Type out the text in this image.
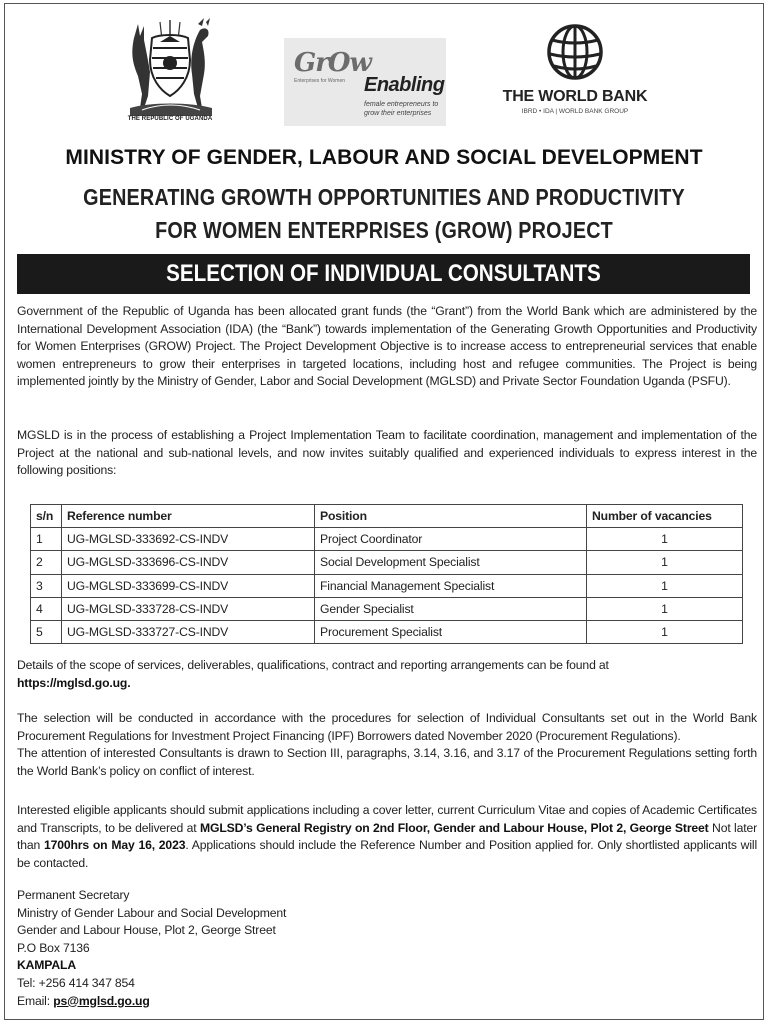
THE REPUBLIC OF UGANDA
GrOw
Enterprises for Women Enabling
female entrepreneurs to grow their enterprises
THE WORLD BANK
IBRD • IDA | WORLD BANK GROUP
MINISTRY OF GENDER, LABOUR AND SOCIAL DEVELOPMENT
GENERATING GROWTH OPPORTUNITIES AND PRODUCTIVITY
FOR WOMEN ENTERPRISES (GROW) PROJECT
SELECTION OF INDIVIDUAL CONSULTANTS

Government of the Republic of Uganda has been allocated grant funds (the “Grant”) from the World Bank which are administered by the International Development Association (IDA) (the “Bank”) towards implementation of the Generating Growth Opportunities and Productivity for Women Enterprises (GROW) Project. The Project Development Objective is to increase access to entrepreneurial services that enable women entrepreneurs to grow their enterprises in targeted locations, including host and refugee communities. The Project is being implemented jointly by the Ministry of Gender, Labor and Social Development (MGLSD) and Private Sector Foundation Uganda (PSFU).

MGSLD is in the process of establishing a Project Implementation Team to facilitate coordination, management and implementation of the Project at the national and sub-national levels, and now invites suitably qualified and experienced individuals to express interest in the following positions:

s/n	Reference number	Position	Number of vacancies
1	UG-MGLSD-333692-CS-INDV	Project Coordinator	1
2	UG-MGLSD-333696-CS-INDV	Social Development Specialist	1
3	UG-MGLSD-333699-CS-INDV	Financial Management Specialist	1
4	UG-MGLSD-333728-CS-INDV	Gender Specialist	1
5	UG-MGLSD-333727-CS-INDV	Procurement Specialist	1
Details of the scope of services, deliverables, qualifications, contract and reporting arrangements can be found at
https://mglsd.go.ug.
The selection will be conducted in accordance with the procedures for selection of Individual Consultants set out in the World Bank Procurement Regulations for Investment Project Financing (IPF) Borrowers dated November 2020 (Procurement Regulations).
The attention of interested Consultants is drawn to Section III, paragraphs, 3.14, 3.16, and 3.17 of the Procurement Regulations setting forth the World Bank’s policy on conflict of interest.
Interested eligible applicants should submit applications including a cover letter, current Curriculum Vitae and copies of Academic Certificates and Transcripts, to be delivered at MGLSD’s General Registry on 2nd Floor, Gender and Labour House, Plot 2, George Street Not later than 1700hrs on May 16, 2023. Applications should include the Reference Number and Position applied for. Only shortlisted applicants will be contacted.
Permanent Secretary
Ministry of Gender Labour and Social Development
Gender and Labour House, Plot 2, George Street
P.O Box 7136
KAMPALA
Tel: +256 414 347 854
Email: ps@mglsd.go.ug
